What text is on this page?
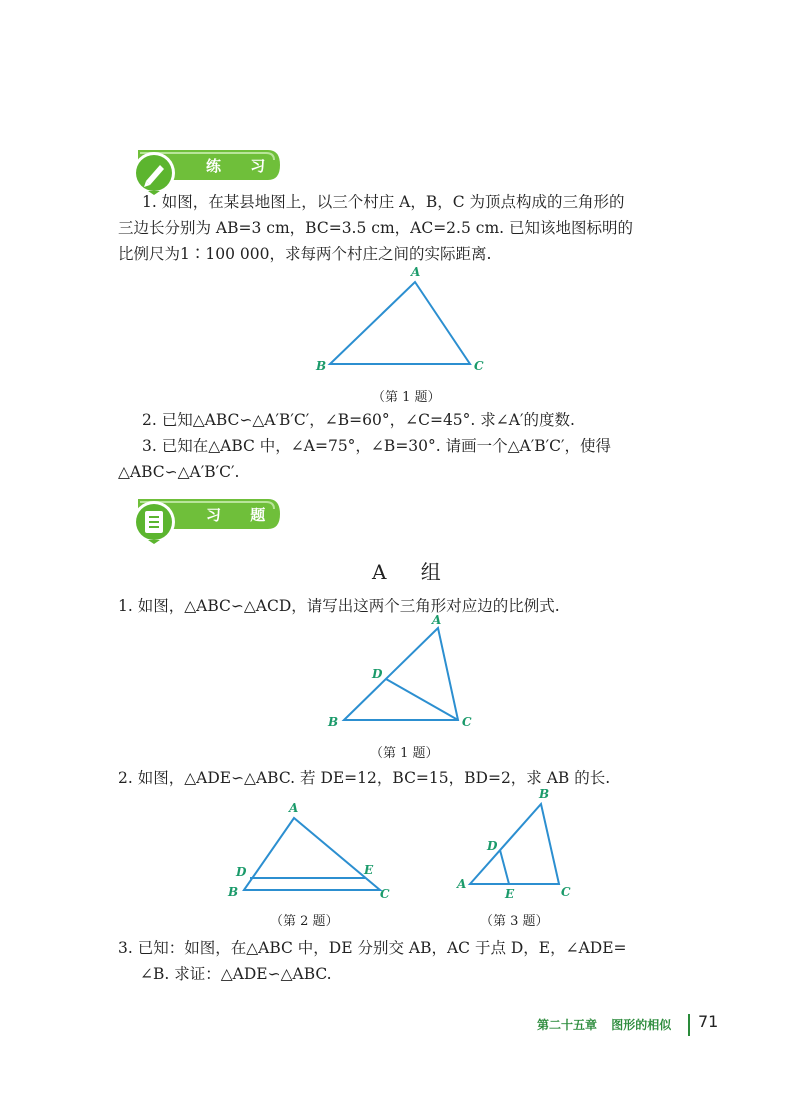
练 习
1. 如图，在某县地图上，以三个村庄 A，B，C 为顶点构成的三角形的
三边长分别为 AB=3 cm，BC=3.5 cm，AC=2.5 cm. 已知该地图标明的
比例尺为1∶100 000，求每两个村庄之间的实际距离.
A
B	C
（第 1 题）
2. 已知△ABC∽△A′B′C′，∠B=60°，∠C=45°. 求∠A′的度数.
3. 已知在△ABC 中，∠A=75°，∠B=30°. 请画一个△A′B′C′，使得
△ABC∽△A′B′C′.
习 题
A 组
1. 如图，△ABC∽△ACD，请写出这两个三角形对应边的比例式.
A
B	C
D
（第 1 题）
2. 如图，△ADE∽△ABC. 若 DE=12，BC=15，BD=2，求 AB 的长.
A
B	C
D	E
（第 2 题）
B
A
C
D
E
（第 3 题）
3. 已知：如图，在△ABC 中，DE 分别交 AB，AC 于点 D，E，∠ADE=
∠B. 求证：△ADE∽△ABC.
第二十五章 图形的相似 71
